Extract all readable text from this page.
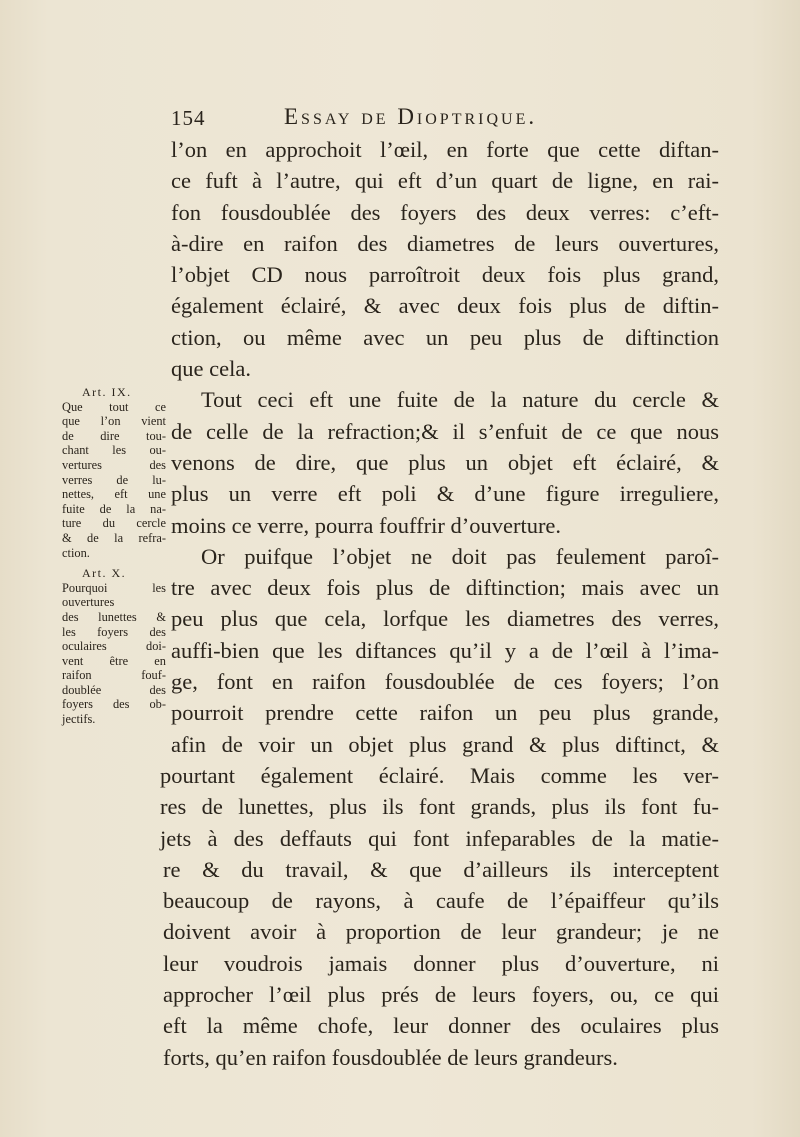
154	Essay de Dioptrique.
l’on en approchoit l’œil, en forte que cette diftan-
ce fuft à l’autre, qui eft d’un quart de ligne, en rai-
fon fousdoublée des foyers des deux verres: c’eft-
à-dire en raifon des diametres de leurs ouvertures,
l’objet CD nous parroîtroit deux fois plus grand,
également éclairé, & avec deux fois plus de diftin-
ction, ou même avec un peu plus de diftinction
que cela.
Tout ceci eft une fuite de la nature du cercle &
de celle de la refraction;& il s’enfuit de ce que nous
venons de dire, que plus un objet eft éclairé, &
plus un verre eft poli & d’une figure irreguliere,
moins ce verre, pourra fouffrir d’ouverture.
Or puifque l’objet ne doit pas feulement paroî-
tre avec deux fois plus de diftinction; mais avec un
peu plus que cela, lorfque les diametres des verres,
auffi-bien que les diftances qu’il y a de l’œil à l’ima-
ge, font en raifon fousdoublée de ces foyers; l’on
pourroit prendre cette raifon un peu plus grande,
afin de voir un objet plus grand & plus diftinct, &
pourtant également éclairé. Mais comme les ver-
res de lunettes, plus ils font grands, plus ils font fu-
jets à des deffauts qui font infeparables de la matie-
re & du travail, & que d’ailleurs ils interceptent
beaucoup de rayons, à caufe de l’épaiffeur qu’ils
doivent avoir à proportion de leur grandeur; je ne
leur voudrois jamais donner plus d’ouverture, ni
approcher l’œil plus prés de leurs foyers, ou, ce qui
eft la même chofe, leur donner des oculaires plus
forts, qu’en raifon fousdoublée de leurs grandeurs.
Art. IX.
Que tout ce
que l’on vient
de dire tou-
chant les ou-
vertures des
verres de lu-
nettes, eft une
fuite de la na-
ture du cercle
& de la refra-
ction.
Art. X.
Pourquoi les
ouvertures
des lunettes &
les foyers des
oculaires doi-
vent être en
raifon fouf-
doublée des
foyers des ob-
jectifs.
